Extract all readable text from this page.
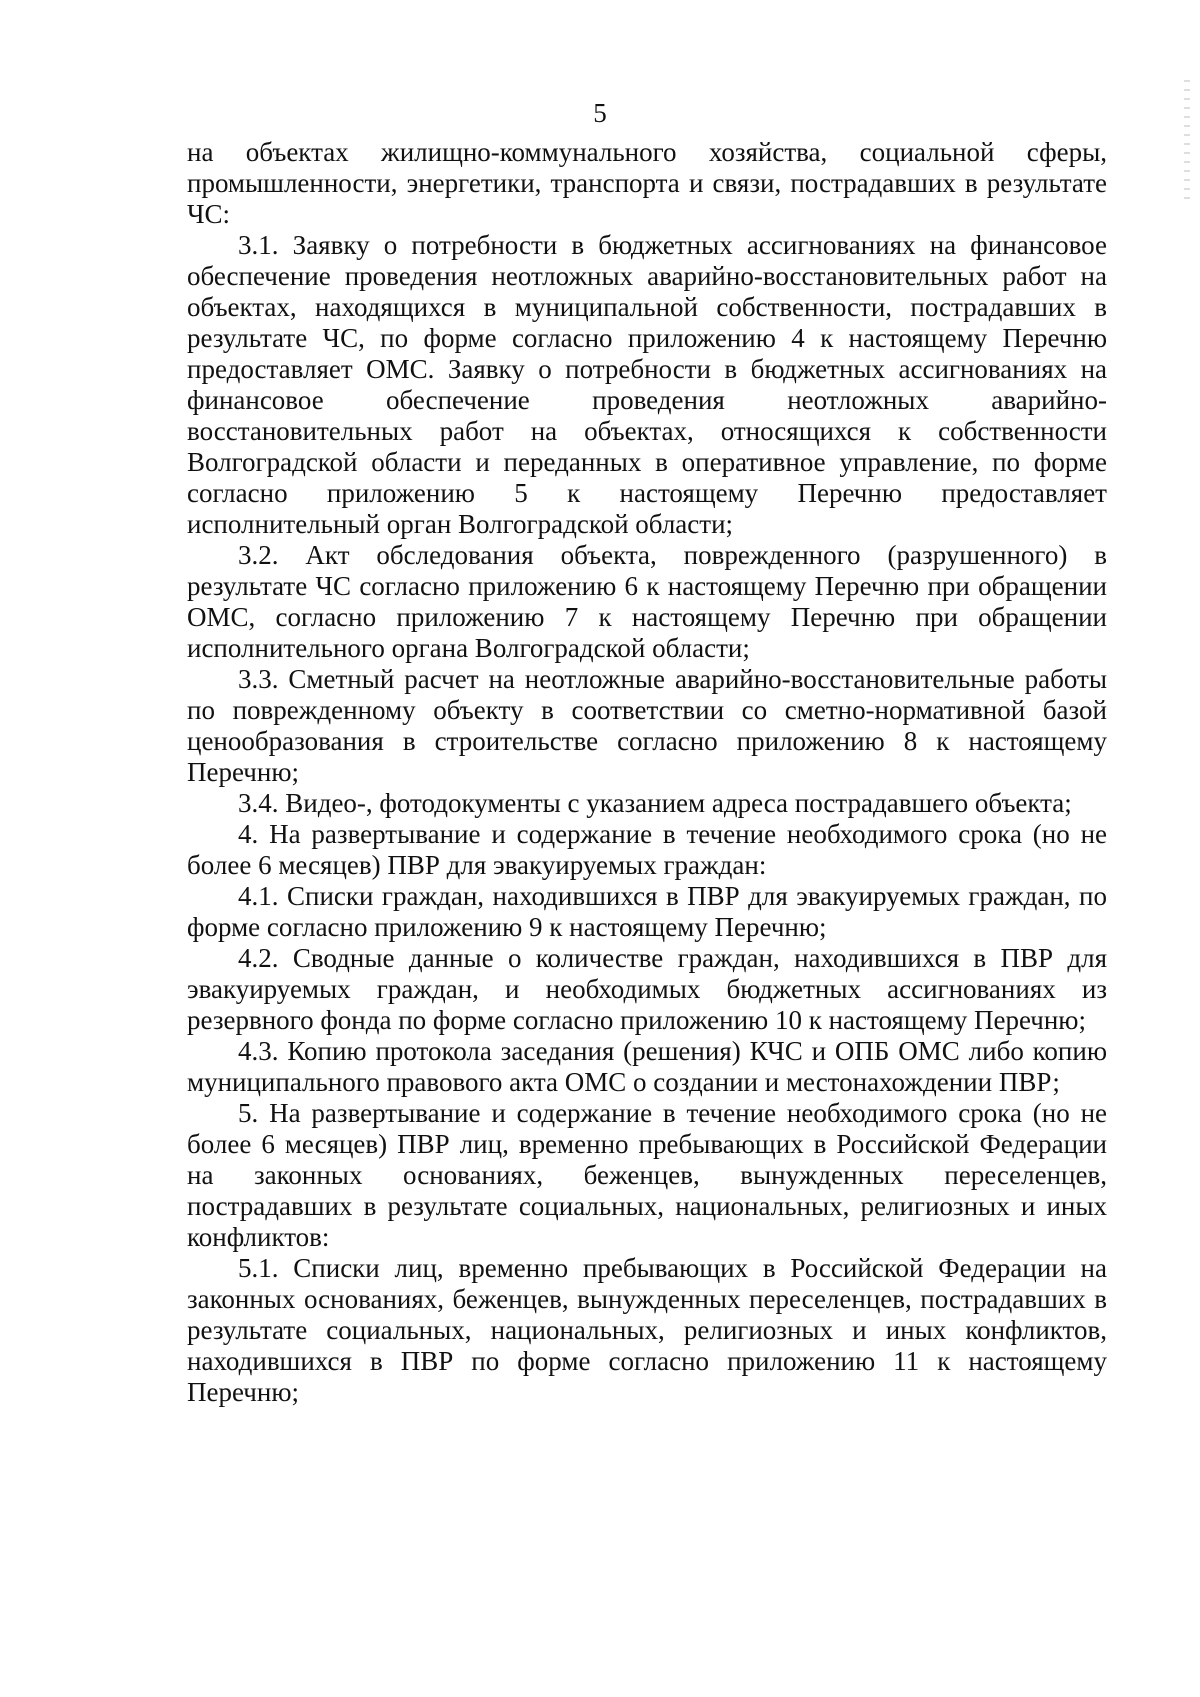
5

на объектах жилищно-коммунального хозяйства, социальной сферы, промышленности, энергетики, транспорта и связи, пострадавших в результате ЧС:

3.1. Заявку о потребности в бюджетных ассигнованиях на финансовое обеспечение проведения неотложных аварийно-восстановительных работ на объектах, находящихся в муниципальной собственности, пострадавших в результате ЧС, по форме согласно приложению 4 к настоящему Перечню предоставляет ОМС. Заявку о потребности в бюджетных ассигнованиях на финансовое обеспечение проведения неотложных аварийно-восстановительных работ на объектах, относящихся к собственности Волгоградской области и переданных в оперативное управление, по форме согласно приложению 5 к настоящему Перечню предоставляет исполнительный орган Волгоградской области;

3.2. Акт обследования объекта, поврежденного (разрушенного) в результате ЧС согласно приложению 6 к настоящему Перечню при обращении ОМС, согласно приложению 7 к настоящему Перечню при обращении исполнительного органа Волгоградской области;

3.3. Сметный расчет на неотложные аварийно-восстановительные работы по поврежденному объекту в соответствии со сметно-нормативной базой ценообразования в строительстве согласно приложению 8 к настоящему Перечню;

3.4. Видео-, фотодокументы с указанием адреса пострадавшего объекта;

4. На развертывание и содержание в течение необходимого срока (но не более 6 месяцев) ПВР для эвакуируемых граждан:

4.1. Списки граждан, находившихся в ПВР для эвакуируемых граждан, по форме согласно приложению 9 к настоящему Перечню;

4.2. Сводные данные о количестве граждан, находившихся в ПВР для эвакуируемых граждан, и необходимых бюджетных ассигнованиях из резервного фонда по форме согласно приложению 10 к настоящему Перечню;

4.3. Копию протокола заседания (решения) КЧС и ОПБ ОМС либо копию муниципального правового акта ОМС о создании и местонахождении ПВР;

5. На развертывание и содержание в течение необходимого срока (но не более 6 месяцев) ПВР лиц, временно пребывающих в Российской Федерации на законных основаниях, беженцев, вынужденных переселенцев, пострадавших в результате социальных, национальных, религиозных и иных конфликтов:

5.1. Списки лиц, временно пребывающих в Российской Федерации на законных основаниях, беженцев, вынужденных переселенцев, пострадавших в результате социальных, национальных, религиозных и иных конфликтов, находившихся в ПВР по форме согласно приложению 11 к настоящему Перечню;
